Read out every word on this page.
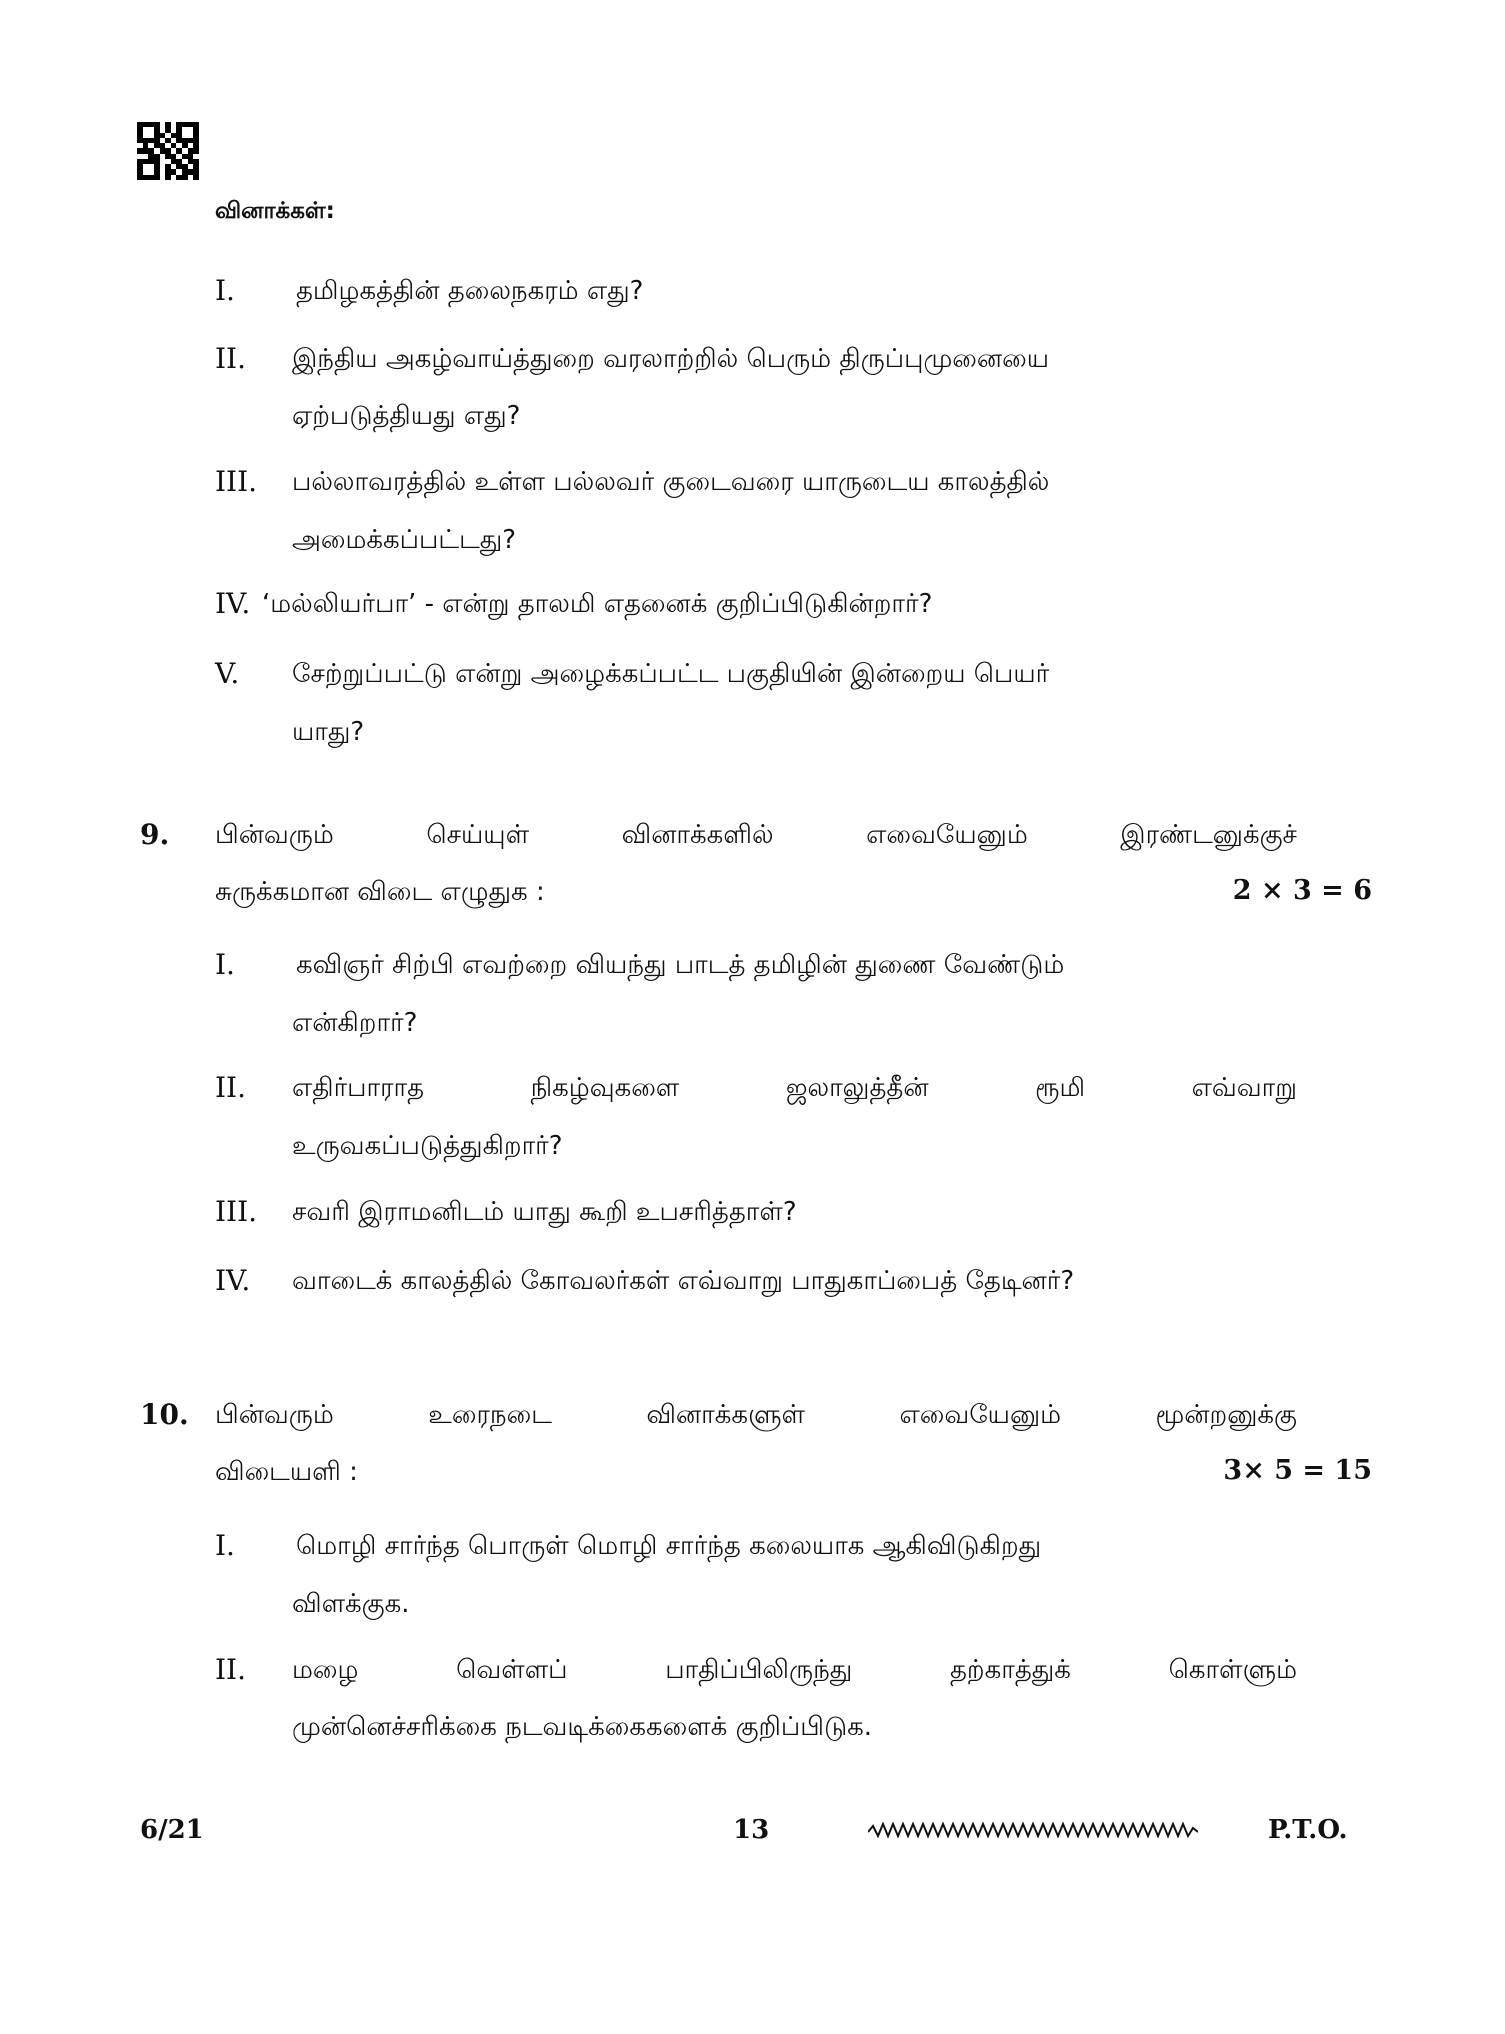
வினாக்கள்:
I. தமிழகத்தின் தலைநகரம் எது?
II. இந்திய அகழ்வாய்த்துறை வரலாற்றில் பெரும் திருப்புமுனையை
ஏற்படுத்தியது எது?
III. பல்லாவரத்தில் உள்ள பல்லவர் குடைவரை யாருடைய காலத்தில்
அமைக்கப்பட்டது?
IV. ‘மல்லியர்பா’ - என்று தாலமி எதனைக் குறிப்பிடுகின்றார்?
V. சேற்றுப்பட்டு என்று அழைக்கப்பட்ட பகுதியின் இன்றைய பெயர்
யாது?
9. பின்வரும்	செய்யுள்	வினாக்களில்	எவையேனும்	இரண்டனுக்குச்
சுருக்கமான விடை எழுதுக :	2 × 3 = 6
I. கவிஞர் சிற்பி எவற்றை வியந்து பாடத் தமிழின் துணை வேண்டும்
என்கிறார்?
II. எதிர்பாராத	நிகழ்வுகளை	ஜலாலுத்தீன்	ரூமி	எவ்வாறு
உருவகப்படுத்துகிறார்?
III. சவரி இராமனிடம் யாது கூறி உபசரித்தாள்?
IV. வாடைக் காலத்தில் கோவலர்கள் எவ்வாறு பாதுகாப்பைத் தேடினர்?
10. பின்வரும்	உரைநடை	வினாக்களுள்	எவையேனும்	மூன்றனுக்கு
விடையளி :	3× 5 = 15
I. மொழி சார்ந்த பொருள் மொழி சார்ந்த கலையாக ஆகிவிடுகிறது
விளக்குக.
II. மழை	வெள்ளப்	பாதிப்பிலிருந்து	தற்காத்துக்	கொள்ளும்
முன்னெச்சரிக்கை நடவடிக்கைகளைக் குறிப்பிடுக.
6/21	13	P.T.O.
